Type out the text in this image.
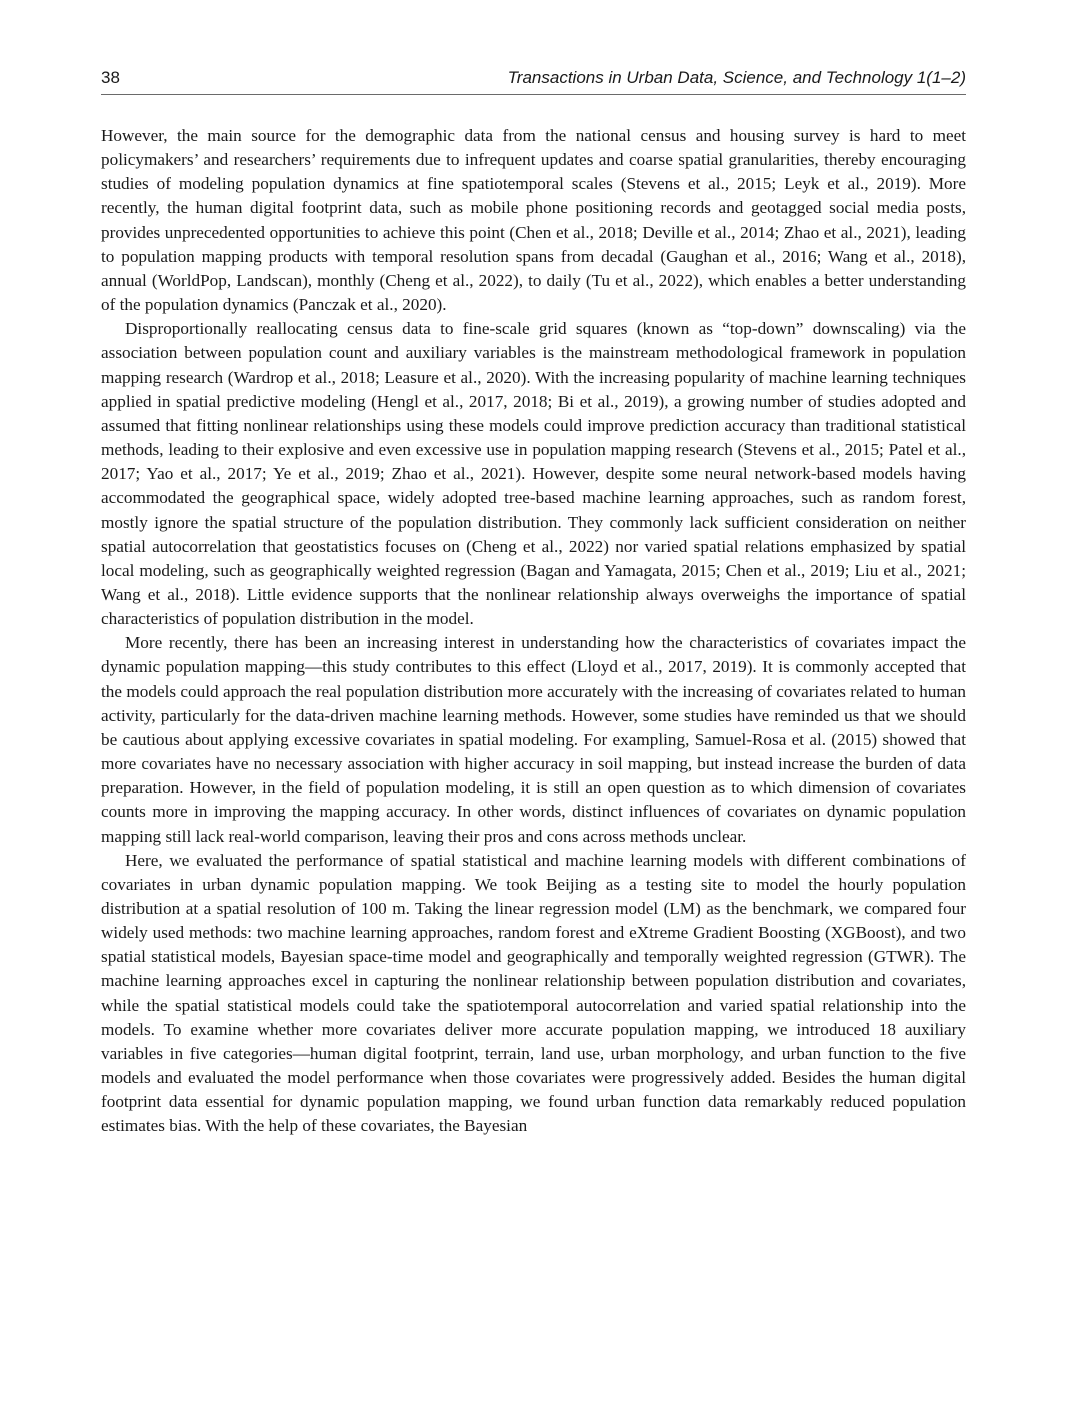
38	Transactions in Urban Data, Science, and Technology 1(1–2)

However, the main source for the demographic data from the national census and housing survey is hard to meet policymakers’ and researchers’ requirements due to infrequent updates and coarse spatial granularities, thereby encouraging studies of modeling population dynamics at fine spatiotemporal scales (Stevens et al., 2015; Leyk et al., 2019). More recently, the human digital footprint data, such as mobile phone positioning records and geotagged social media posts, provides unprecedented opportunities to achieve this point (Chen et al., 2018; Deville et al., 2014; Zhao et al., 2021), leading to population mapping products with temporal resolution spans from decadal (Gaughan et al., 2016; Wang et al., 2018), annual (WorldPop, Landscan), monthly (Cheng et al., 2022), to daily (Tu et al., 2022), which enables a better understanding of the population dynamics (Panczak et al., 2020).

Disproportionally reallocating census data to fine-scale grid squares (known as “top-down” downscaling) via the association between population count and auxiliary variables is the mainstream methodological framework in population mapping research (Wardrop et al., 2018; Leasure et al., 2020). With the increasing popularity of machine learning techniques applied in spatial predictive modeling (Hengl et al., 2017, 2018; Bi et al., 2019), a growing number of studies adopted and assumed that fitting nonlinear relationships using these models could improve prediction accuracy than traditional statistical methods, leading to their explosive and even excessive use in population mapping research (Stevens et al., 2015; Patel et al., 2017; Yao et al., 2017; Ye et al., 2019; Zhao et al., 2021). However, despite some neural network-based models having accommodated the geographical space, widely adopted tree-based machine learning approaches, such as random forest, mostly ignore the spatial structure of the population distribution. They commonly lack sufficient consideration on neither spatial autocorrelation that geostatistics focuses on (Cheng et al., 2022) nor varied spatial relations emphasized by spatial local modeling, such as geographically weighted regression (Bagan and Yamagata, 2015; Chen et al., 2019; Liu et al., 2021; Wang et al., 2018). Little evidence supports that the nonlinear relationship always overweighs the importance of spatial characteristics of population distribution in the model.

More recently, there has been an increasing interest in understanding how the characteristics of covariates impact the dynamic population mapping—this study contributes to this effect (Lloyd et al., 2017, 2019). It is commonly accepted that the models could approach the real population distribution more accurately with the increasing of covariates related to human activity, particularly for the data-driven machine learning methods. However, some studies have reminded us that we should be cautious about applying excessive covariates in spatial modeling. For exampling, Samuel-Rosa et al. (2015) showed that more covariates have no necessary association with higher accuracy in soil mapping, but instead increase the burden of data preparation. However, in the field of population modeling, it is still an open question as to which dimension of covariates counts more in improving the mapping accuracy. In other words, distinct influences of covariates on dynamic population mapping still lack real-world comparison, leaving their pros and cons across methods unclear.

Here, we evaluated the performance of spatial statistical and machine learning models with different combinations of covariates in urban dynamic population mapping. We took Beijing as a testing site to model the hourly population distribution at a spatial resolution of 100 m. Taking the linear regression model (LM) as the benchmark, we compared four widely used methods: two machine learning approaches, random forest and eXtreme Gradient Boosting (XGBoost), and two spatial statistical models, Bayesian space-time model and geographically and temporally weighted regression (GTWR). The machine learning approaches excel in capturing the nonlinear relationship between population distribution and covariates, while the spatial statistical models could take the spatiotemporal autocorrelation and varied spatial relationship into the models. To examine whether more covariates deliver more accurate population mapping, we introduced 18 auxiliary variables in five categories—human digital footprint, terrain, land use, urban morphology, and urban function to the five models and evaluated the model performance when those covariates were progressively added. Besides the human digital footprint data essential for dynamic population mapping, we found urban function data remarkably reduced population estimates bias. With the help of these covariates, the Bayesian
